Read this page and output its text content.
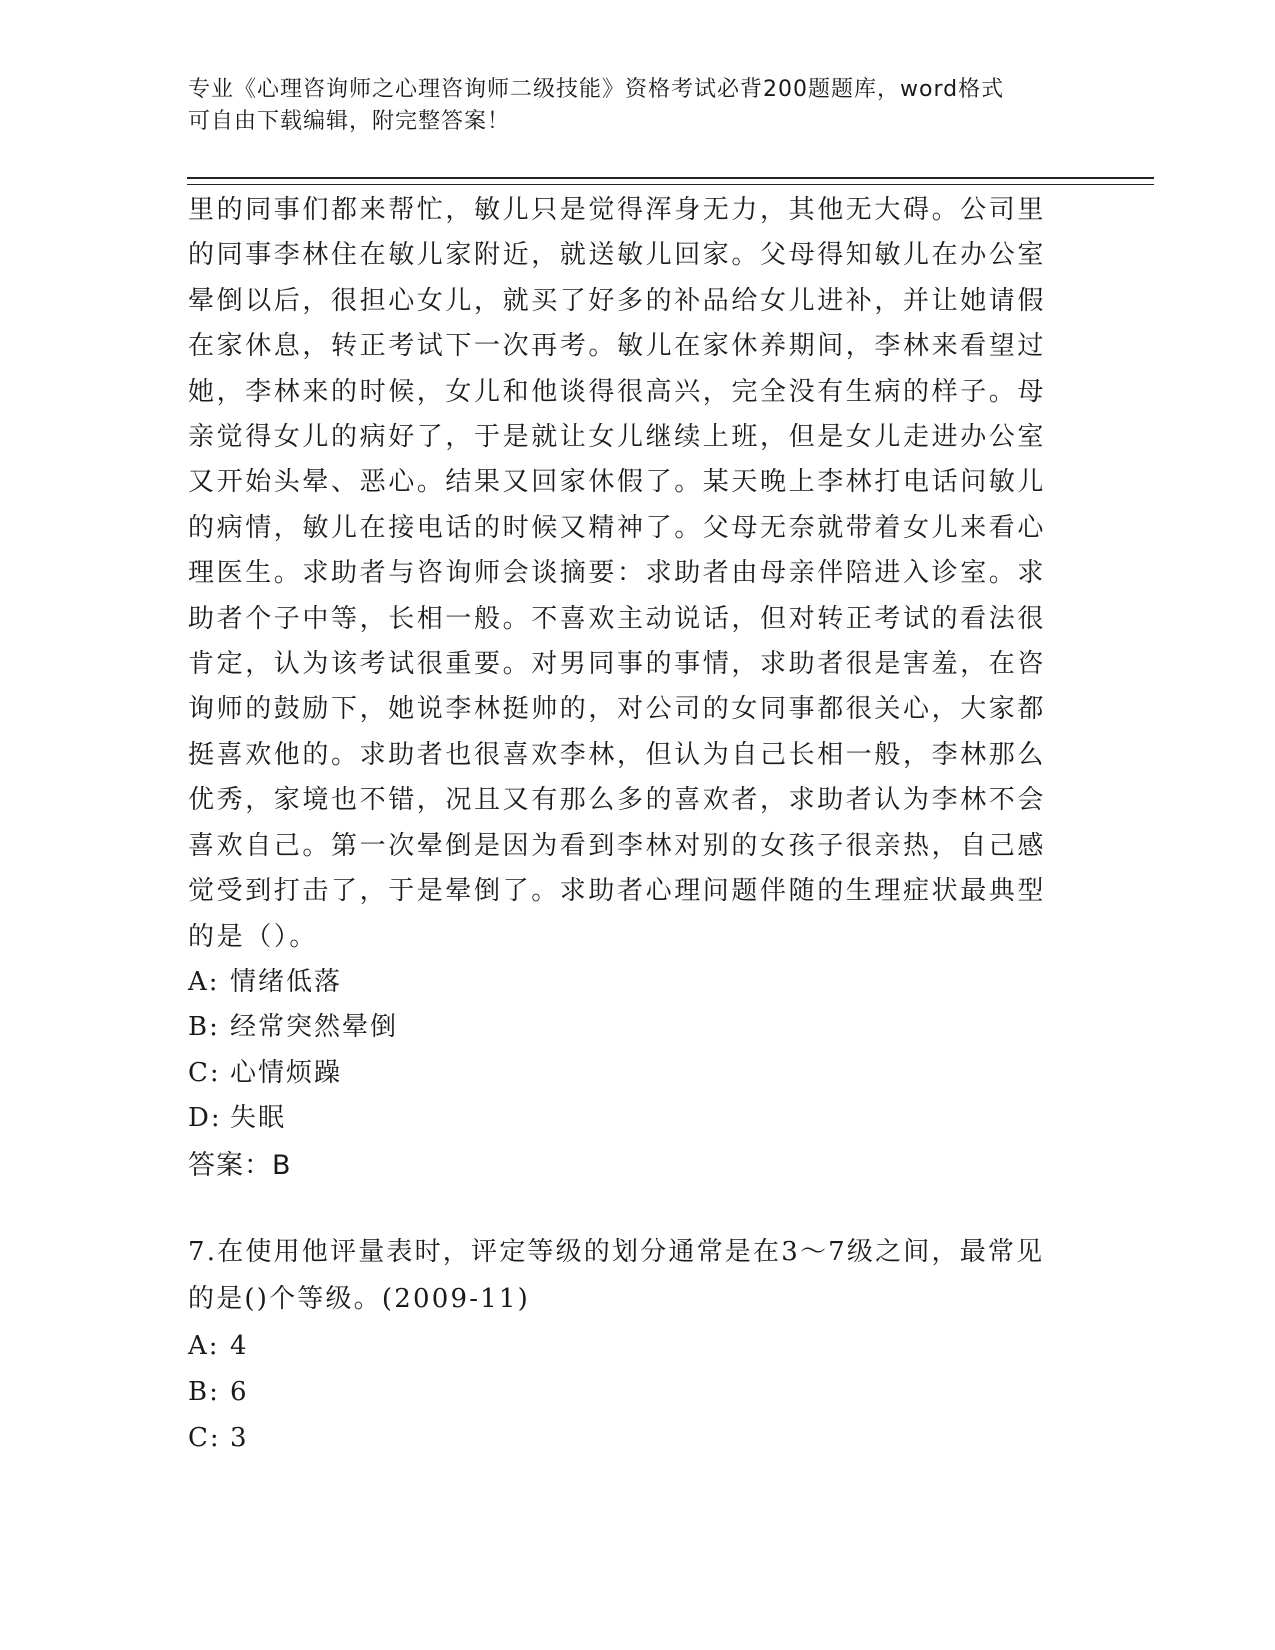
专业《心理咨询师之心理咨询师二级技能》资格考试必背200题题库，word格式
可自由下载编辑，附完整答案！

里的同事们都来帮忙，敏儿只是觉得浑身无力，其他无大碍。公司里的同事李林住在敏儿家附近，就送敏儿回家。父母得知敏儿在办公室晕倒以后，很担心女儿，就买了好多的补品给女儿进补，并让她请假在家休息，转正考试下一次再考。敏儿在家休养期间，李林来看望过她，李林来的时候，女儿和他谈得很高兴，完全没有生病的样子。母亲觉得女儿的病好了，于是就让女儿继续上班，但是女儿走进办公室又开始头晕、恶心。结果又回家休假了。某天晚上李林打电话问敏儿的病情，敏儿在接电话的时候又精神了。父母无奈就带着女儿来看心理医生。求助者与咨询师会谈摘要：求助者由母亲伴陪进入诊室。求助者个子中等，长相一般。不喜欢主动说话，但对转正考试的看法很肯定，认为该考试很重要。对男同事的事情，求助者很是害羞，在咨询师的鼓励下，她说李林挺帅的，对公司的女同事都很关心，大家都挺喜欢他的。求助者也很喜欢李林，但认为自己长相一般，李林那么优秀，家境也不错，况且又有那么多的喜欢者，求助者认为李林不会喜欢自己。第一次晕倒是因为看到李林对别的女孩子很亲热，自己感觉受到打击了，于是晕倒了。求助者心理问题伴随的生理症状最典型的是（）。

A: 情绪低落
B: 经常突然晕倒
C: 心情烦躁
D: 失眠
答案：B

7.在使用他评量表时，评定等级的划分通常是在3～7级之间，最常见的是()个等级。(2009-11)

A: 4
B: 6
C: 3
